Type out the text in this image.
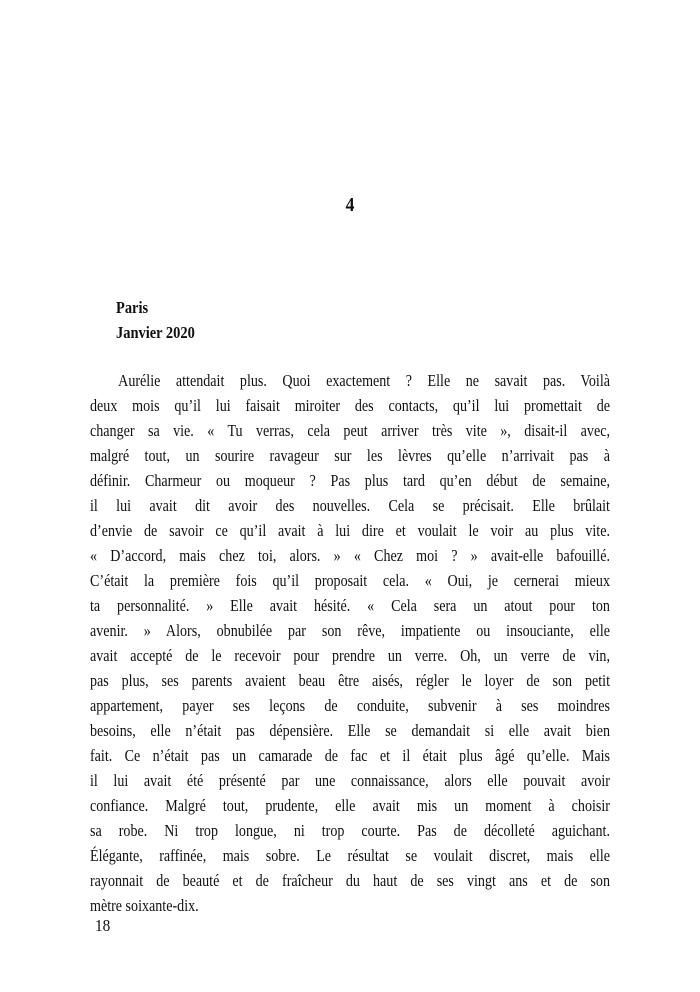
4
Paris
Janvier 2020
Aurélie attendait plus. Quoi exactement ? Elle ne savait pas. Voilà
deux mois qu’il lui faisait miroiter des contacts, qu’il lui promettait de
changer sa vie. « Tu verras, cela peut arriver très vite », disait-il avec,
malgré tout, un sourire ravageur sur les lèvres qu’elle n’arrivait pas à
définir. Charmeur ou moqueur ? Pas plus tard qu’en début de semaine,
il lui avait dit avoir des nouvelles. Cela se précisait. Elle brûlait
d’envie de savoir ce qu’il avait à lui dire et voulait le voir au plus vite.
« D’accord, mais chez toi, alors. » « Chez moi ? » avait-elle bafouillé.
C’était la première fois qu’il proposait cela. « Oui, je cernerai mieux
ta personnalité. » Elle avait hésité. « Cela sera un atout pour ton
avenir. » Alors, obnubilée par son rêve, impatiente ou insouciante, elle
avait accepté de le recevoir pour prendre un verre. Oh, un verre de vin,
pas plus, ses parents avaient beau être aisés, régler le loyer de son petit
appartement, payer ses leçons de conduite, subvenir à ses moindres
besoins, elle n’était pas dépensière. Elle se demandait si elle avait bien
fait. Ce n’était pas un camarade de fac et il était plus âgé qu’elle. Mais
il lui avait été présenté par une connaissance, alors elle pouvait avoir
confiance. Malgré tout, prudente, elle avait mis un moment à choisir
sa robe. Ni trop longue, ni trop courte. Pas de décolleté aguichant.
Élégante, raffinée, mais sobre. Le résultat se voulait discret, mais elle
rayonnait de beauté et de fraîcheur du haut de ses vingt ans et de son
mètre soixante-dix.
18
